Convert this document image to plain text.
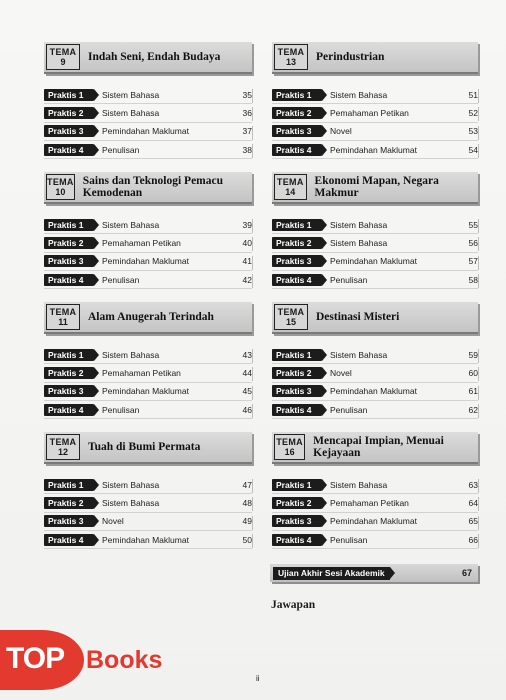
TEMA
9 Indah Seni, Endah Budaya
Praktis 1	Sistem Bahasa	35
Praktis 2	Sistem Bahasa	36
Praktis 3	Pemindahan Maklumat	37
Praktis 4	Penulisan	38
TEMA
10
Sains dan Teknologi Pemacu Kemodenan
Praktis 1	Sistem Bahasa	39
Praktis 2	Pemahaman Petikan	40
Praktis 3	Pemindahan Maklumat	41
Praktis 4	Penulisan	42
TEMA
11 Alam Anugerah Terindah
Praktis 1	Sistem Bahasa	43
Praktis 2	Pemahaman Petikan	44
Praktis 3	Pemindahan Maklumat	45
Praktis 4	Penulisan	46
TEMA
12 Tuah di Bumi Permata
Praktis 1	Sistem Bahasa	47
Praktis 2	Sistem Bahasa	48
Praktis 3	Novel	49
Praktis 4	Pemindahan Maklumat	50
TEMA
13 Perindustrian
Praktis 1	Sistem Bahasa	51
Praktis 2	Pemahaman Petikan	52
Praktis 3	Novel	53
Praktis 4	Pemindahan Maklumat	54
TEMA
14
Ekonomi Mapan, Negara Makmur
Praktis 1	Sistem Bahasa	55
Praktis 2	Sistem Bahasa	56
Praktis 3	Pemindahan Maklumat	57
Praktis 4	Penulisan	58
TEMA
15 Destinasi Misteri
Praktis 1	Sistem Bahasa	59
Praktis 2	Novel	60
Praktis 3	Pemindahan Maklumat	61
Praktis 4	Penulisan	62
TEMA
16
Mencapai Impian, Menuai Kejayaan
Praktis 1	Sistem Bahasa	63
Praktis 2	Pemahaman Petikan	64
Praktis 3	Pemindahan Maklumat	65
Praktis 4	Penulisan	66
Ujian Akhir Sesi Akademik	67
Jawapan
ii
TOP Books
